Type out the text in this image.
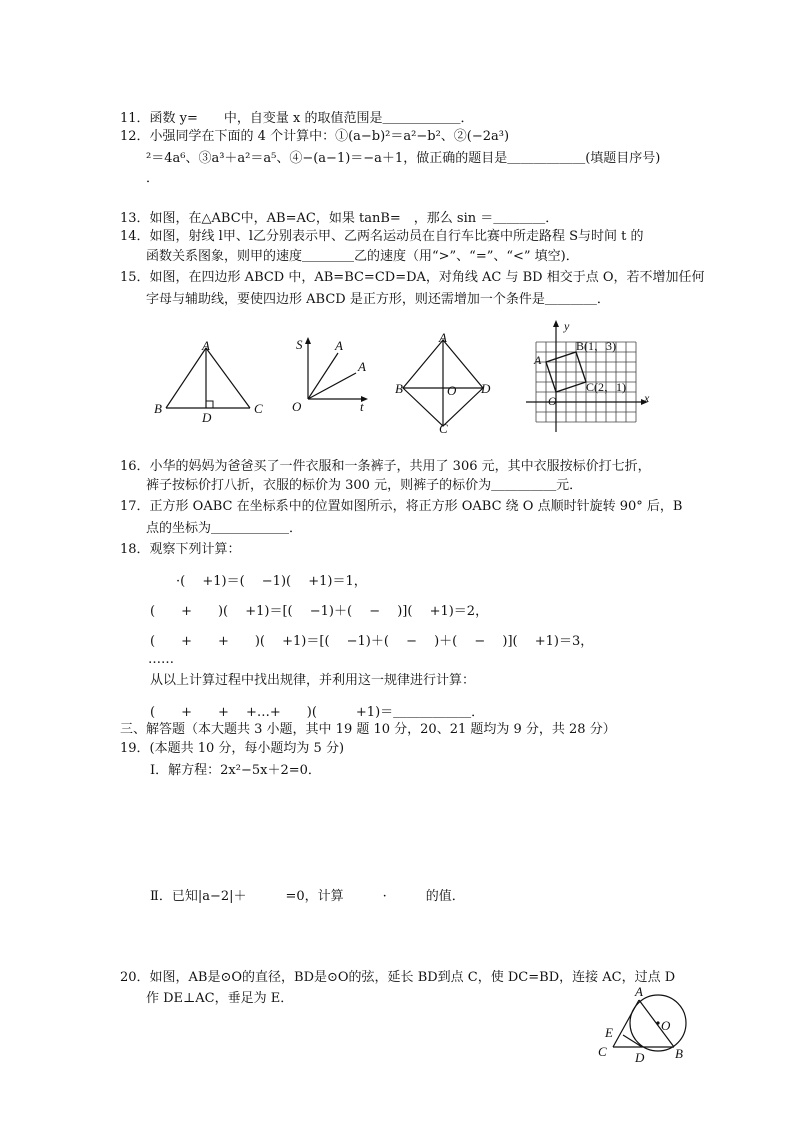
11．函数 y=　　中，自变量 x 的取值范围是＿＿＿＿＿＿．
12．小强同学在下面的 4 个计算中：①(a−b)²＝a²−b²、②(−2a³)
²＝4a⁶、③a³＋a²＝a⁵、④−(a−1)＝−a＋1，做正确的题目是＿＿＿＿＿＿(填题目序号)
．
13．如图，在△ABC中，AB=AC，如果 tanB=　，那么 sin ＝＿＿＿＿．
14．如图，射线 l甲、l乙分别表示甲、乙两名运动员在自行车比赛中所走路程 S与时间 t 的
函数关系图象，则甲的速度＿＿＿＿乙的速度（用“>”、“=”、“<” 填空)．
15．如图，在四边形 ABCD 中，AB=BC=CD=DA，对角线 AC 与 BD 相交于点 O，若不增加任何
字母与辅助线，要使四边形 ABCD 是正方形，则还需增加一个条件是＿＿＿＿．
A
B	C
D
S	A
A
O	t
A
B	D
O
C
y
x
A
B(1，3)
C(2，1)
O
16．小华的妈妈为爸爸买了一件衣服和一条裤子，共用了 306 元，其中衣服按标价打七折，
裤子按标价打八折，衣服的标价为 300 元，则裤子的标价为＿＿＿＿＿元．
17．正方形 OABC 在坐标系中的位置如图所示，将正方形 OABC 绕 O 点顺时针旋转 90° 后，B
点的坐标为＿＿＿＿＿＿．
18．观察下列计算：
·(　 +1)＝(　 −1)(　 +1)＝1，
(　　+　　)(　 +1)＝[(　 −1)＋(　 −　 )](　 +1)＝2，
(　　+　　+　　)(　 +1)＝[(　 −1)＋(　 −　 )＋(　 −　 )](　 +1)＝3，
……
从以上计算过程中找出规律，并利用这一规律进行计算：
(　　+　　+　 +…+　　)(　　　+1)＝＿＿＿＿＿＿．
三、解答题（本大题共 3 小题，其中 19 题 10 分，20、21 题均为 9 分，共 28 分）
19．(本题共 10 分，每小题均为 5 分)
Ⅰ．解方程：2x²−5x＋2=0．
Ⅱ．已知|a−2|＋　　　=0，计算　　　·　　　的值．
20．如图，AB是⊙O的直径，BD是⊙O的弦，延长 BD到点 C，使 DC=BD，连接 AC，过点 D
作 DE⊥AC，垂足为 E．	A
E	O
C D B
